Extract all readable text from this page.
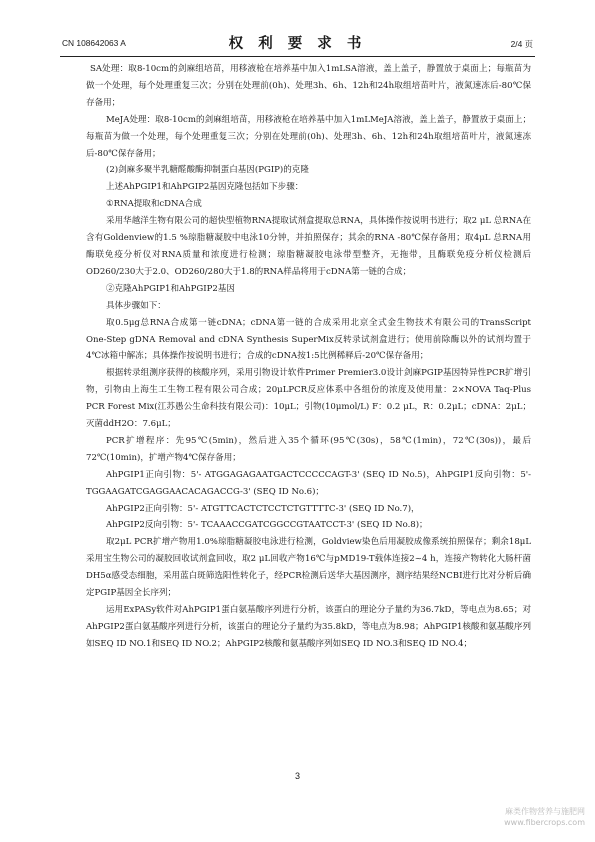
CN 108642063 A	权 利 要 求 书	2/4 页

SA处理：取8-10cm的剑麻组培苗，用移液枪在培养基中加入1mLSA溶液，盖上盖子，静置放于桌面上；每瓶苗为做一个处理，每个处理重复三次；分别在处理前(0h)、处理3h、6h、12h和24h取组培苗叶片，液氮速冻后-80℃保存备用；

MeJA处理：取8-10cm的剑麻组培苗，用移液枪在培养基中加入1mLMeJA溶液，盖上盖子，静置放于桌面上；每瓶苗为做一个处理，每个处理重复三次；分别在处理前(0h)、处理3h、6h、12h和24h取组培苗叶片，液氮速冻后-80℃保存备用；

(2)剑麻多聚半乳糖醛酸酶抑制蛋白基因(PGIP)的克隆

上述AhPGIP1和AhPGIP2基因克隆包括如下步骤：

①RNA提取和cDNA合成

采用华越洋生物有限公司的超快型植物RNA提取试剂盒提取总RNA，具体操作按说明书进行；取2 μL 总RNA在含有Goldenview的1.5 %琼脂糖凝胶中电泳10分钟，并拍照保存；其余的RNA -80℃保存备用；取4μL 总RNA用酶联免疫分析仪对RNA质量和浓度进行检测；琼脂糖凝胶电泳带型整齐，无拖带，且酶联免疫分析仪检测后OD260/230大于2.0、OD260/280大于1.8的RNA样品将用于cDNA第一链的合成；

②克隆AhPGIP1和AhPGIP2基因

具体步骤如下：

取0.5μg总RNA合成第一链cDNA；cDNA第一链的合成采用北京全式金生物技术有限公司的TransScript One-Step gDNA Removal and cDNA Synthesis SuperMix反转录试剂盒进行；使用前除酶以外的试剂均置于4℃冰箱中解冻；具体操作按说明书进行；合成的cDNA按1:5比例稀释后-20℃保存备用；

根据转录组测序获得的核酸序列，采用引物设计软件Primer Premier3.0设计剑麻PGIP基因特异性PCR扩增引物，引物由上海生工生物工程有限公司合成；20μLPCR反应体系中各组份的浓度及使用量：2×NOVA Taq-Plus PCR Forest Mix(江苏愚公生命科技有限公司)：10μL；引物(10μmol/L) F：0.2 μL，R：0.2μL；cDNA：2μL；灭菌ddH2O：7.6μL；

PCR扩增程序：先95℃(5min)，然后进入35个循环(95℃(30s)，58℃(1min)，72℃(30s))，最后72℃(10min)，扩增产物4℃保存备用；

AhPGIP1正向引物：5'- ATGGAGAGAATGACTCCCCCAGT-3' (SEQ ID No.5)，AhPGIP1反向引物：5'- TGGAAGATCGAGGAACACAGACCG-3' (SEQ ID No.6)；

AhPGIP2正向引物：5'- ATGTTCACTCTCCTCTGTTTTC-3' (SEQ ID No.7)，

AhPGIP2反向引物：5'- TCAAACCGATCGGCCGTAATCCT-3' (SEQ ID No.8)；

取2μL PCR扩增产物用1.0%琼脂糖凝胶电泳进行检测，Goldview染色后用凝胶成像系统拍照保存；剩余18μL采用宝生物公司的凝胶回收试剂盒回收，取2 μL回收产物16℃与pMD19-T载体连接2~4 h，连接产物转化大肠杆菌DH5α感受态细胞，采用蓝白斑筛选阳性转化子，经PCR检测后送华大基因测序，测序结果经NCBI进行比对分析后确定PGIP基因全长序列；

运用ExPASy软件对AhPGIP1蛋白氨基酸序列进行分析，该蛋白的理论分子量约为36.7kD，等电点为8.65；对AhPGIP2蛋白氨基酸序列进行分析，该蛋白的理论分子量约为35.8kD，等电点为8.98；AhPGIP1核酸和氨基酸序列如SEQ ID NO.1和SEQ ID NO.2；AhPGIP2核酸和氨基酸序列如SEQ ID NO.3和SEQ ID NO.4；

3
麻类作物营养与施肥网
www.fibercrops.com
